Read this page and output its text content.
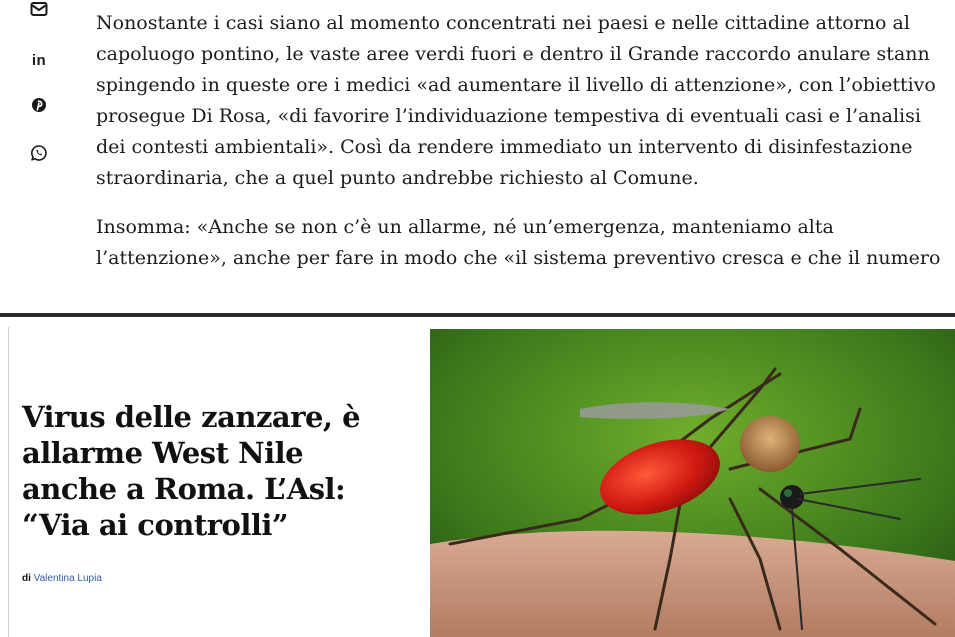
in

Nonostante i casi siano al momento concentrati nei paesi e nelle cittadine attorno al

capoluogo pontino, le vaste aree verdi fuori e dentro il Grande raccordo anulare stann

spingendo in queste ore i medici «ad aumentare il livello di attenzione», con l’obiettivo

prosegue Di Rosa, «di favorire l’individuazione tempestiva di eventuali casi e l’analisi

dei contesti ambientali». Così da rendere immediato un intervento di disinfestazione

straordinaria, che a quel punto andrebbe richiesto al Comune.

Insomma: «Anche se non c’è un allarme, né un’emergenza, manteniamo alta

l’attenzione», anche per fare in modo che «il sistema preventivo cresca e che il numero

Virus delle zanzare, è allarme West Nile anche a Roma. L’Asl: “Via ai controlli”
di Valentina Lupia
